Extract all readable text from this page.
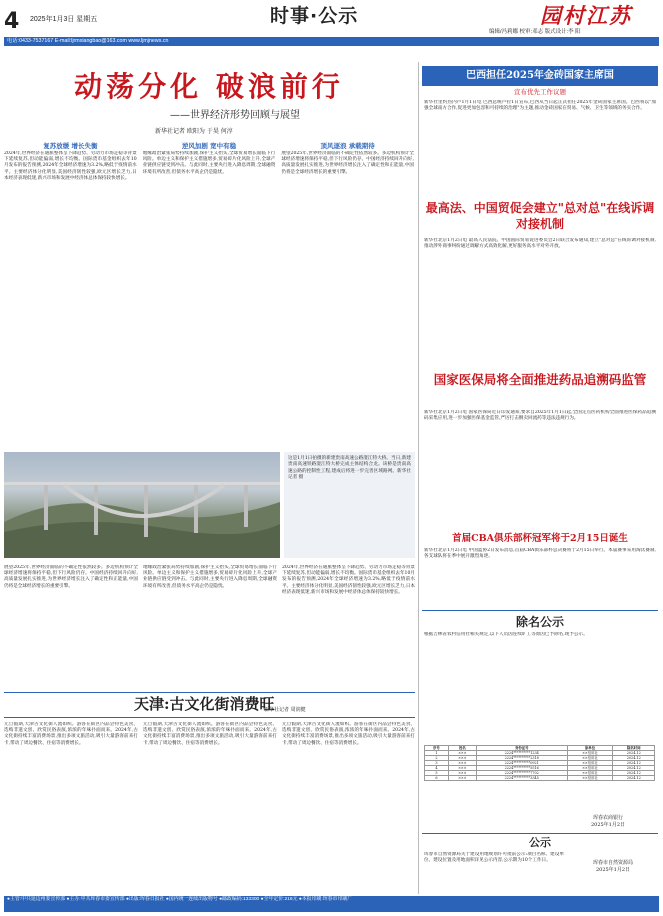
4 2025年1月3日 星期五	时事·公示	园村江苏
编辑/冯莉娜 校审:邓志 版式设计:李 阳
电话:0433-7537167 E-mail:ljrmxiangbao@163.com www.ljmjnews.cn
动荡分化 破浪前行
——世界经济形势回顾与展望
新华社记者 欧阳为 于昊 何淳
复苏放缓 增长失衡
2024年,世界经济在通胀整体呈下降趋势、劳动力市场走稳等背景下延续复苏,但动能偏弱,增长不均衡。国际货币基金组织去年10月发布的报告预测,2024年全球经济增速为3.2%,略低于疫情前水平。主要经济体分化明显,美国经济韧性较强,欧元区增长乏力,日本经济表现低迷,新兴市场和发展中经济体总体保持较快增长。
逆风加剧 宽中有稳
地缘政治紧张局势持续加剧,保护主义抬头,全球贸易增长面临下行风险。单边主义和保护主义措施增多,贸易碎片化风险上升,全球产业链供应链受到冲击。与此同时,主要央行进入降息周期,全球融资环境有所改善,但债务水平高企仍是隐忧。
顶风逐浪 承载期待
展望2025年,世界经济面临的不确定性依然较多。多边机构预计全球经济增速将保持平稳,但下行风险仍存。中国经济持续回升向好,高质量发展扎实推进,为世界经济增长注入了确定性和正能量,中国仍将是全球经济增长的重要引擎。
这是1月1日拍摄的新建贵南高速公路澄江特大桥。当日,新建贵南高速铁路澄江特大桥完成主体结构合龙。该桥是贵南高速公路的控制性工程,建成后将进一步完善区域路网。新华社记者 摄
展望2025年,世界经济面临的不确定性依然较多。多边机构预计全球经济增速将保持平稳,但下行风险仍存。中国经济持续回升向好,高质量发展扎实推进,为世界经济增长注入了确定性和正能量,中国仍将是全球经济增长的重要引擎。
地缘政治紧张局势持续加剧,保护主义抬头,全球贸易增长面临下行风险。单边主义和保护主义措施增多,贸易碎片化风险上升,全球产业链供应链受到冲击。与此同时,主要央行进入降息周期,全球融资环境有所改善,但债务水平高企仍是隐忧。
2024年,世界经济在通胀整体呈下降趋势、劳动力市场走稳等背景下延续复苏,但动能偏弱,增长不均衡。国际货币基金组织去年10月发布的报告预测,2024年全球经济增速为3.2%,略低于疫情前水平。主要经济体分化明显,美国经济韧性较强,欧元区增长乏力,日本经济表现低迷,新兴市场和发展中经济体总体保持较快增长。
天津:古文化街消费旺
新华社记者 周润健
元旦假期,天津古文化街人流如织。游客在街区内品尝特色美食、选购非遗文创、欣赏民俗表演,浓浓的年味扑面而来。2024年,古文化街持续丰富消费场景,推出多项文旅活动,吸引大量游客前来打卡,带动了周边餐饮、住宿等消费增长。
元旦假期,天津古文化街人流如织。游客在街区内品尝特色美食、选购非遗文创、欣赏民俗表演,浓浓的年味扑面而来。2024年,古文化街持续丰富消费场景,推出多项文旅活动,吸引大量游客前来打卡,带动了周边餐饮、住宿等消费增长。
元旦假期,天津古文化街人流如织。游客在街区内品尝特色美食、选购非遗文创、欣赏民俗表演,浓浓的年味扑面而来。2024年,古文化街持续丰富消费场景,推出多项文旅活动,吸引大量游客前来打卡,带动了周边餐饮、住宿等消费增长。
巴西担任2025年金砖国家主席国
宣布优先工作议题
新华社里约热内卢1月1日电 巴西总统卢拉1日宣布,巴西从当日起正式担任2025年金砖国家主席国。巴西将以"加强全球南方合作,促进更加包容和可持续的治理"为主题,推动金砖国家在贸易、气候、卫生等领域的务实合作。
最高法、中国贸促会建立"总对总"在线诉调对接机制
新华社北京1月2日电 最高人民法院、中国国际贸易促进委员会2日联合发布通知,建立"总对总"在线诉调对接机制,推动涉外商事纠纷通过调解方式高效化解,更好服务高水平对外开放。
国家医保局将全面推进药品追溯码监管
新华社北京1月2日电 国家医保局近日印发通知,要求自2025年1月1日起,全国定点医药机构全面推进医保药品追溯码采集应用,进一步加强医保基金监管,严厉打击倒卖回流药等违法违规行为。
首届CBA俱乐部杯冠军将于2月15日诞生
新华社北京1月2日电 中国篮协2日发布消息,首届CBA俱乐部杯总决赛将于2月15日举行。本届赛事采用淘汰赛制,各支球队将在季中展开激烈角逐。
除名公示
根据吉林省农村信用社相关规定,以下人员因连续旷工等原因已予除名,现予公示。
序号	姓名	身份证号	原单位	除名时间
1	×××	2224**********1234	××信用社	2024.12
2	×××	2224**********2318	××信用社	2024.12
3	×××	2224**********0921	××信用社	2024.12
4	×××	2224**********5516	××信用社	2024.12
5	×××	2224**********7702	××信用社	2024.12
6	×××	2224**********3345	××信用社	2024.12
珲春农商银行
2025年1月2日
公示
珲春市自然资源局关于建设用地规划许可批前公示:项目名称、建设单位、建设位置及用地面积详见公示内容,公示期为10个工作日。	珲春市自然资源局
2025年1月2日
●主管:中共延边州委宣传部 ●主办:中共珲春市委宣传部 ●出版:珲春日报社 ●国内统一连续出版物号 ●邮政编码:133300 ●全年定价:216元 ●本报印刷:珲春市印刷厂
